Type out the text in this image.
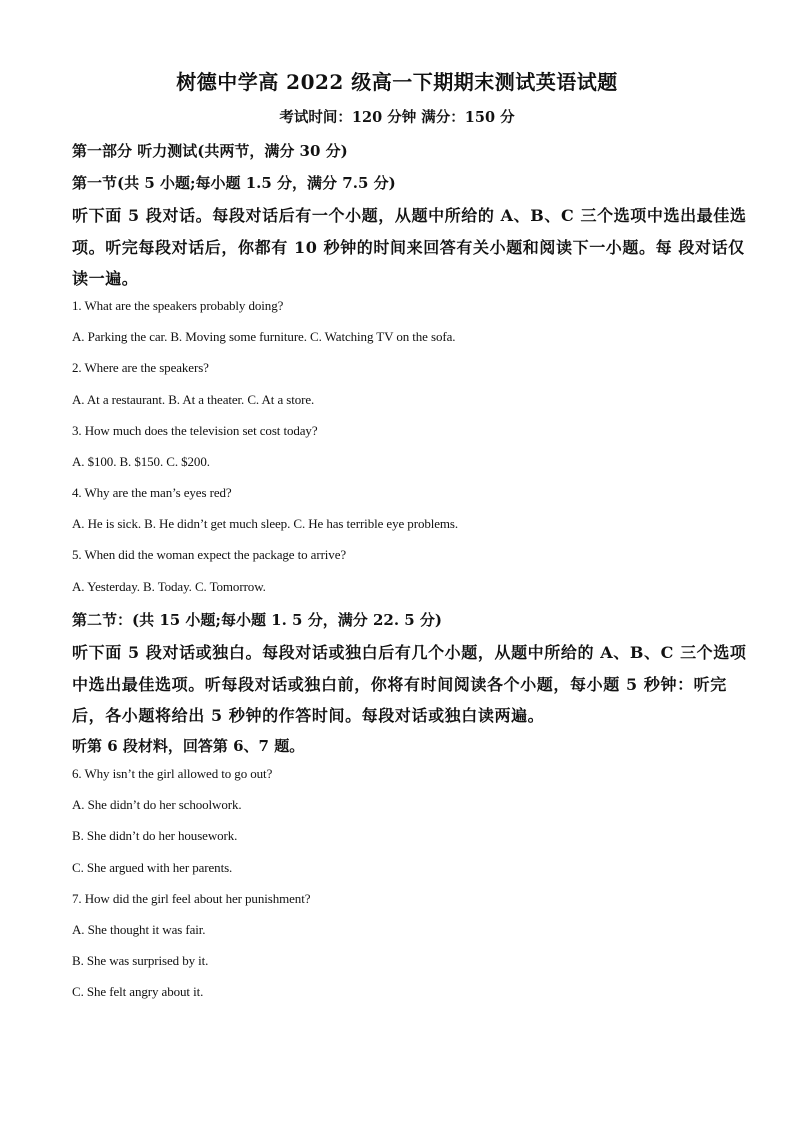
树德中学高 2022 级高一下期期末测试英语试题
考试时间：120 分钟 满分：150 分
第一部分 听力测试(共两节，满分 30 分)
第一节(共 5 小题;每小题 1.5 分，满分 7.5 分)
听下面 5 段对话。每段对话后有一个小题，从题中所给的 A、B、C 三个选项中选出最佳选
项。听完每段对话后，你都有 10 秒钟的时间来回答有关小题和阅读下一小题。每 段对话仅
读一遍。
1. What are the speakers probably doing?
A. Parking the car. B. Moving some furniture. C. Watching TV on the sofa.
2. Where are the speakers?
A. At a restaurant. B. At a theater. C. At a store.
3. How much does the television set cost today?
A. $100. B. $150. C. $200.
4. Why are the man’s eyes red?
A. He is sick. B. He didn’t get much sleep. C. He has terrible eye problems.
5. When did the woman expect the package to arrive?
A. Yesterday. B. Today. C. Tomorrow.
第二节：(共 15 小题;每小题 1. 5 分，满分 22. 5 分)
听下面 5 段对话或独白。每段对话或独白后有几个小题，从题中所给的 A、B、C 三个选项
中选出最佳选项。听每段对话或独白前，你将有时间阅读各个小题，每小题 5 秒钟：听完
后，各小题将给出 5 秒钟的作答时间。每段对话或独白读两遍。
听第 6 段材料，回答第 6、7 题。
6. Why isn’t the girl allowed to go out?
A. She didn’t do her schoolwork.
B. She didn’t do her housework.
C. She argued with her parents.
7. How did the girl feel about her punishment?
A. She thought it was fair.
B. She was surprised by it.
C. She felt angry about it.
